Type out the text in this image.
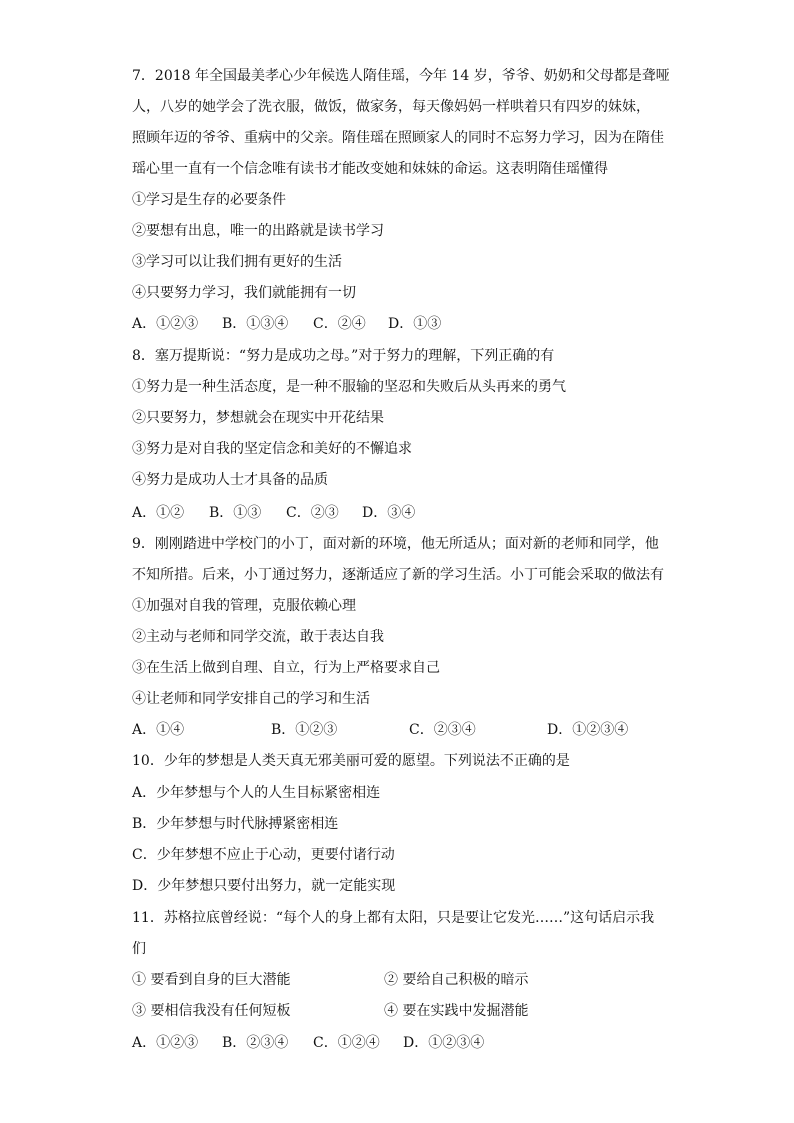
7．2018 年全国最美孝心少年候选人隋佳瑶，今年 14 岁，爷爷、奶奶和父母都是聋哑
人，八岁的她学会了洗衣服，做饭，做家务，每天像妈妈一样哄着只有四岁的妹妹，
照顾年迈的爷爷、重病中的父亲。隋佳瑶在照顾家人的同时不忘努力学习，因为在隋佳
瑶心里一直有一个信念唯有读书才能改变她和妹妹的命运。这表明隋佳瑶懂得
①学习是生存的必要条件
②要想有出息，唯一的出路就是读书学习
③学习可以让我们拥有更好的生活
④只要努力学习，我们就能拥有一切
A．①②③ B．①③④ C．②④ D．①③
8．塞万提斯说：“努力是成功之母。”对于努力的理解，下列正确的有
①努力是一种生活态度，是一种不服输的坚忍和失败后从头再来的勇气
②只要努力，梦想就会在现实中开花结果
③努力是对自我的坚定信念和美好的不懈追求
④努力是成功人士才具备的品质
A．①② B．①③ C．②③ D．③④
9．刚刚踏进中学校门的小丁，面对新的环境，他无所适从；面对新的老师和同学，他
不知所措。后来，小丁通过努力，逐渐适应了新的学习生活。小丁可能会采取的做法有
①加强对自我的管理，克服依赖心理
②主动与老师和同学交流，敢于表达自我
③在生活上做到自理、自立，行为上严格要求自己
④让老师和同学安排自己的学习和生活
A．①④	B．①②③	C．②③④	D．①②③④
10．少年的梦想是人类天真无邪美丽可爱的愿望。下列说法不正确的是
A．少年梦想与个人的人生目标紧密相连
B．少年梦想与时代脉搏紧密相连
C．少年梦想不应止于心动，更要付诸行动
D．少年梦想只要付出努力，就一定能实现
11．苏格拉底曾经说：“每个人的身上都有太阳，只是要让它发光……”这句话启示我
们
① 要看到自身的巨大潜能	② 要给自己积极的暗示
③ 要相信我没有任何短板	④ 要在实践中发掘潜能
A．①②③ B．②③④ C．①②④ D．①②③④
